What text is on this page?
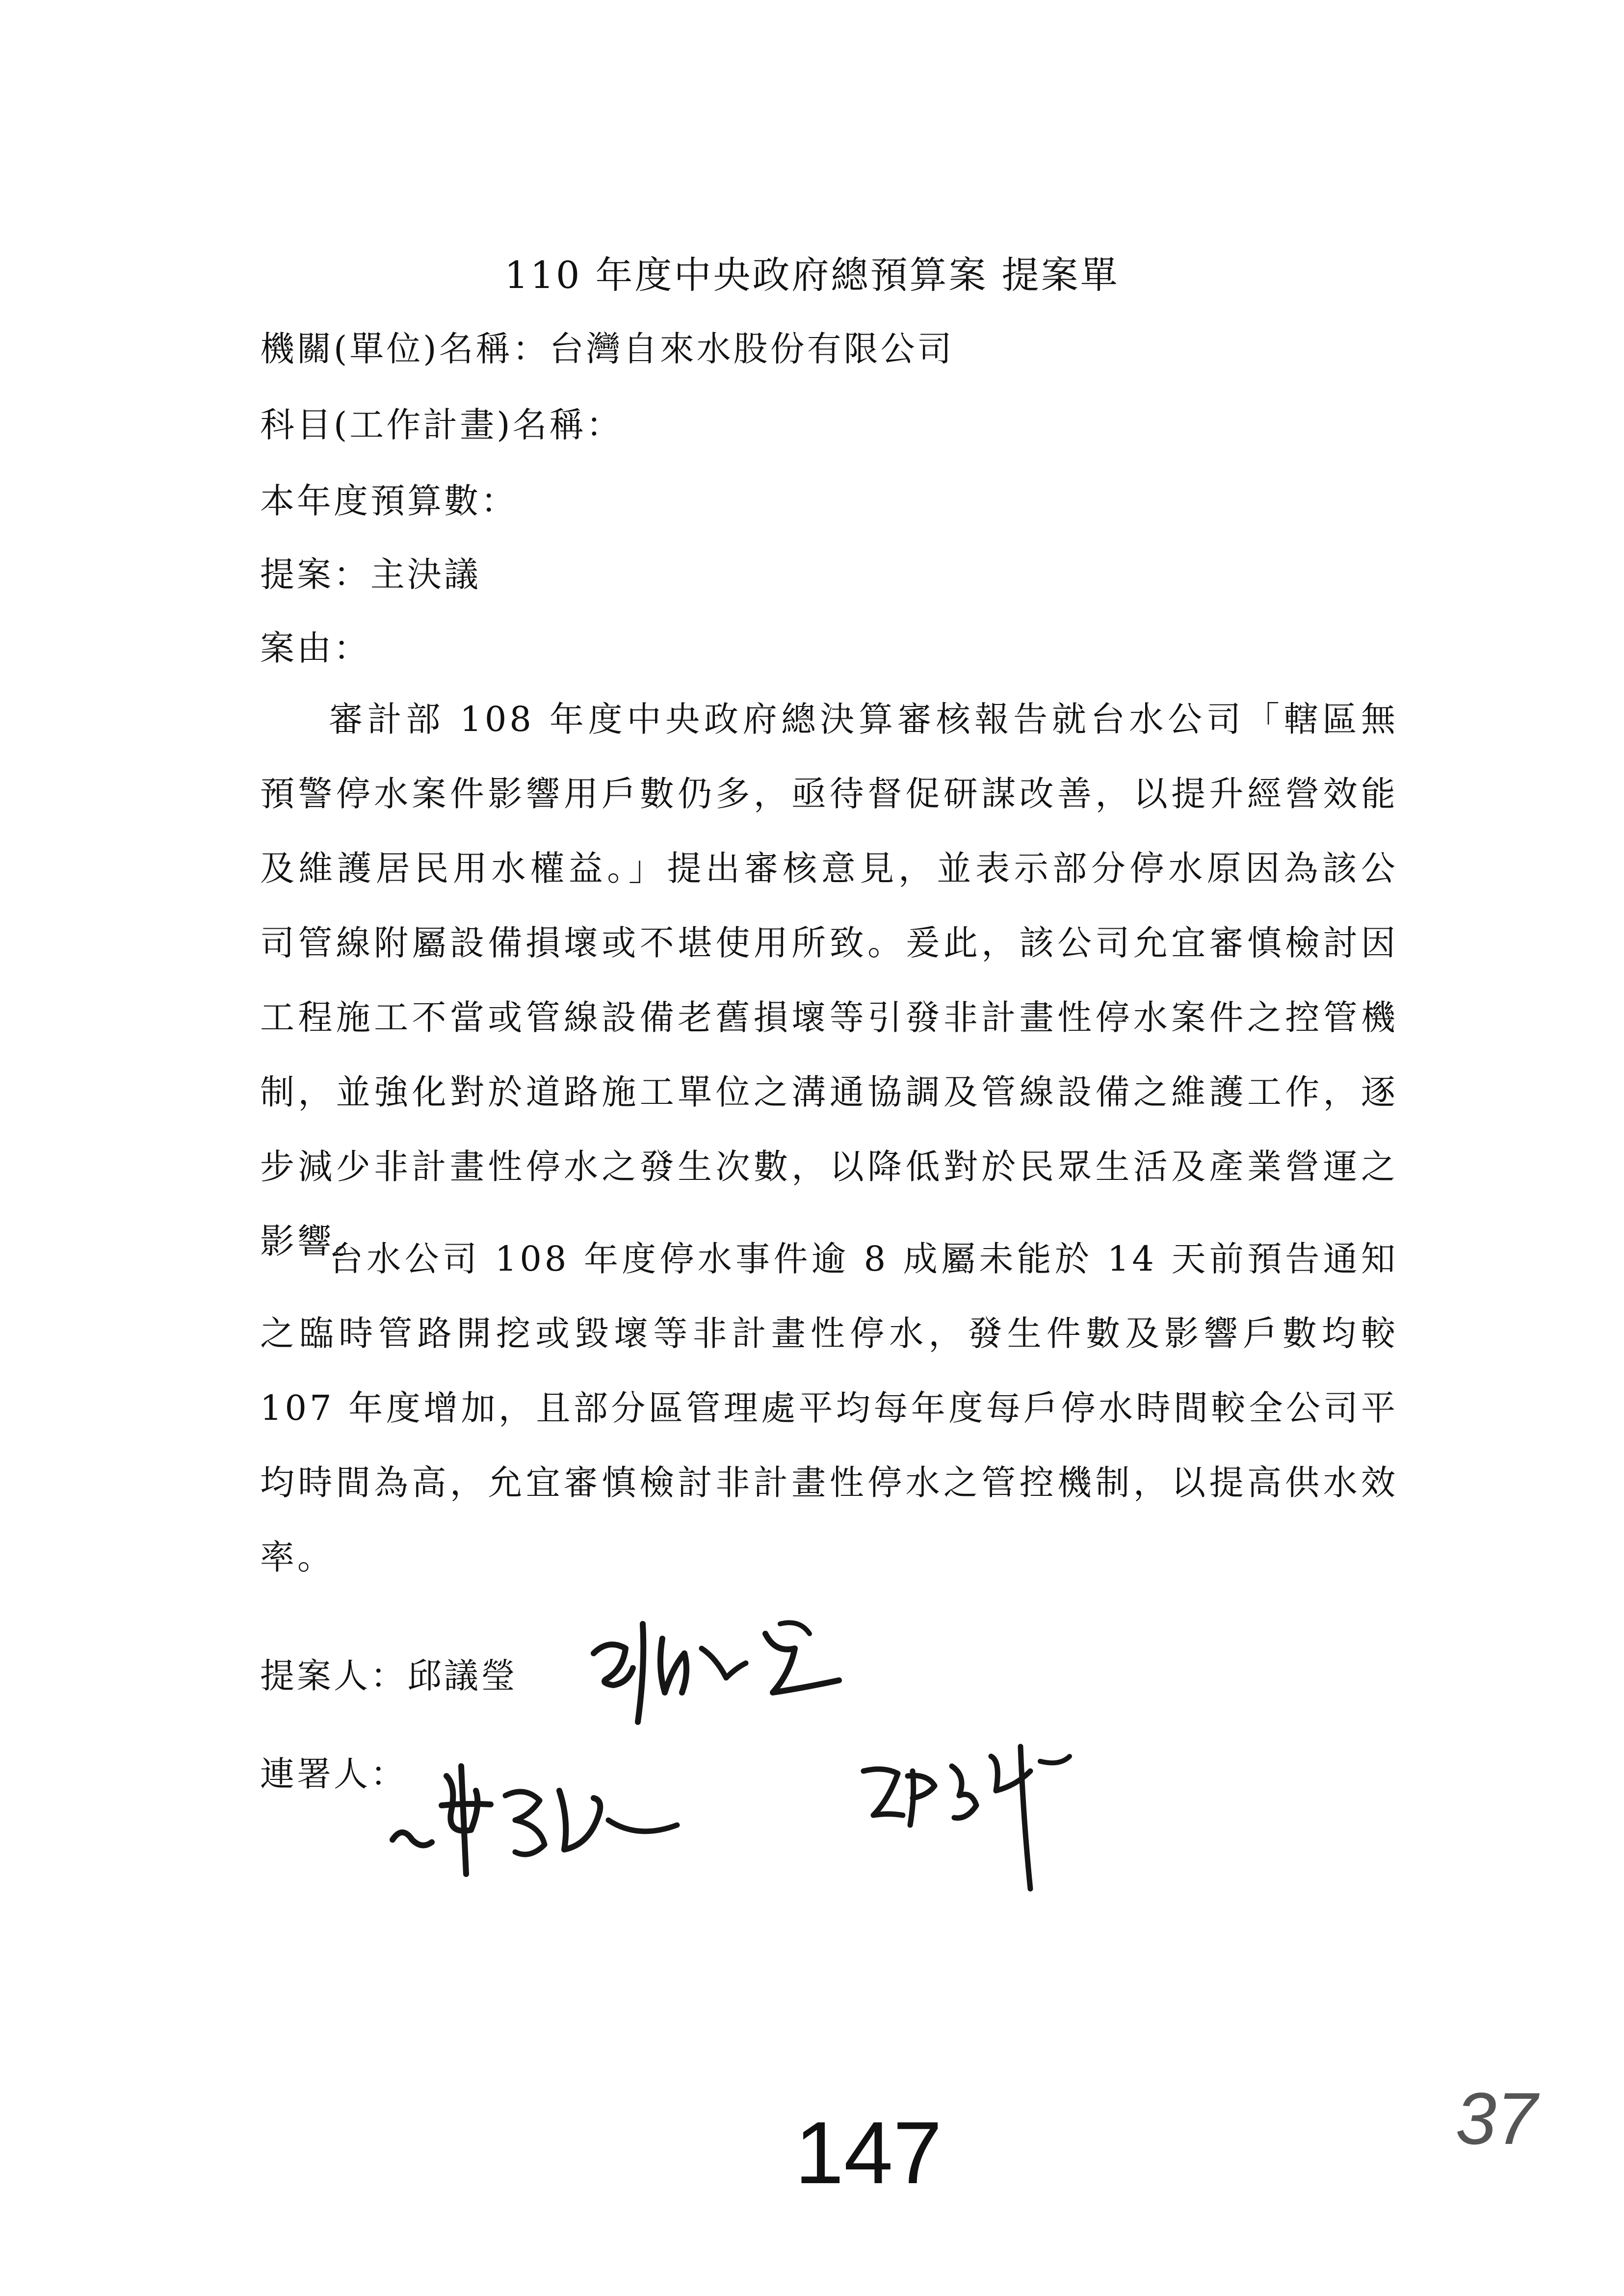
110 年度中央政府總預算案 提案單
機關(單位)名稱：台灣自來水股份有限公司
科目(工作計畫)名稱：
本年度預算數：
提案：主決議
案由：

審計部 108 年度中央政府總決算審核報告就台水公司「轄區無預警停水案件影響用戶數仍多，亟待督促研謀改善，以提升經營效能及維護居民用水權益。」提出審核意見，並表示部分停水原因為該公司管線附屬設備損壞或不堪使用所致。爰此，該公司允宜審慎檢討因工程施工不當或管線設備老舊損壞等引發非計畫性停水案件之控管機制，並強化對於道路施工單位之溝通協調及管線設備之維護工作，逐步減少非計畫性停水之發生次數，以降低對於民眾生活及產業營運之影響。

台水公司 108 年度停水事件逾 8 成屬未能於 14 天前預告通知之臨時管路開挖或毀壞等非計畫性停水，發生件數及影響戶數均較 107 年度增加，且部分區管理處平均每年度每戶停水時間較全公司平均時間為高，允宜審慎檢討非計畫性停水之管控機制，以提高供水效率。

提案人：邱議瑩
連署人：
147	37
